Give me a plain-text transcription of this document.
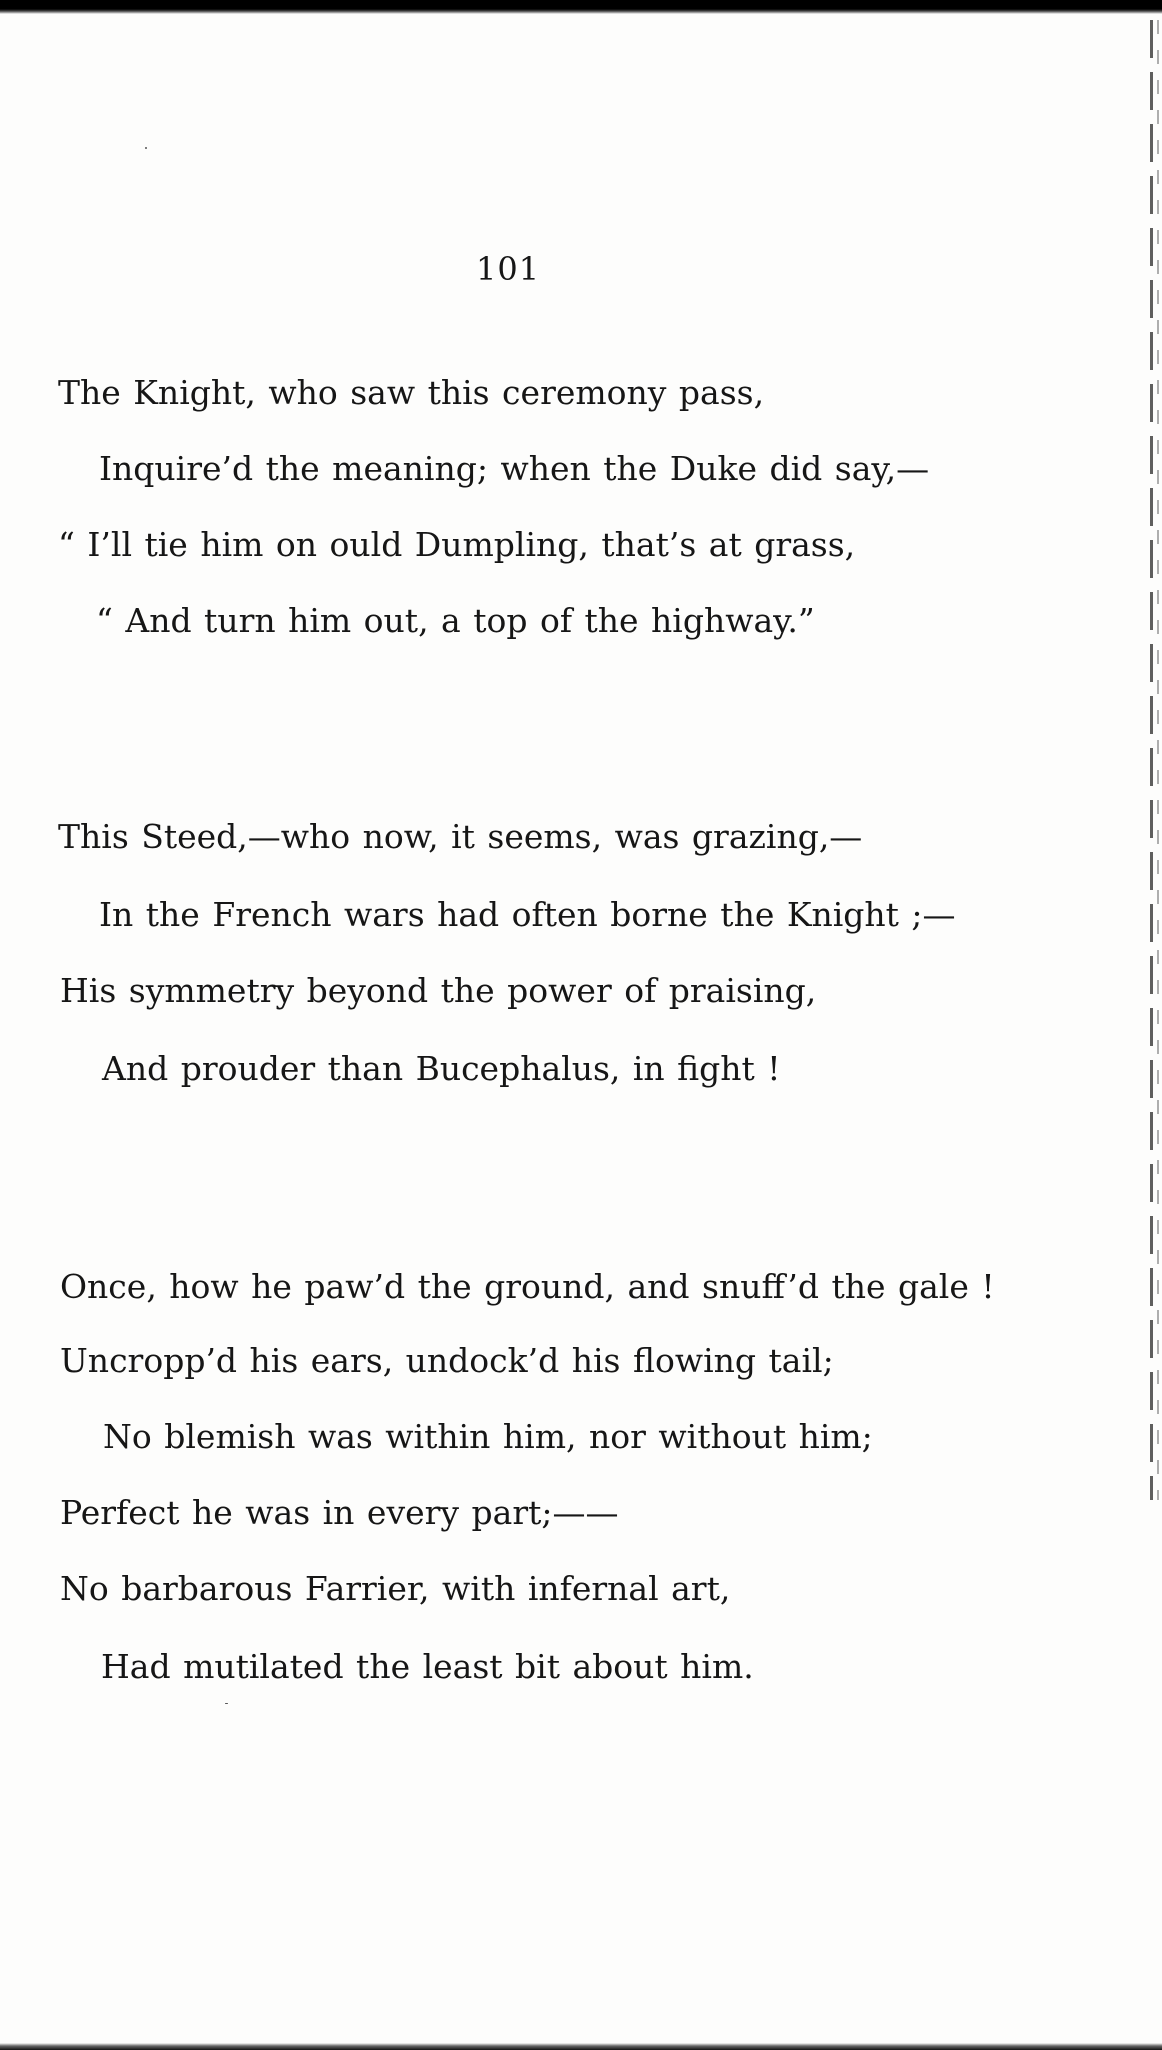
101
The Knight, who saw this ceremony pass,
Inquire’d the meaning; when the Duke did say,—
“ I’ll tie him on ould Dumpling, that’s at grass,
“ And turn him out, a top of the highway.”
This Steed,—who now, it seems, was grazing,—
In the French wars had often borne the Knight ;—
His symmetry beyond the power of praising,
And prouder than Bucephalus, in fight !
Once, how he paw’d the ground, and snuff’d the gale !
Uncropp’d his ears, undock’d his flowing tail;
No blemish was within him, nor without him;
Perfect he was in every part;——
No barbarous Farrier, with infernal art,
Had mutilated the least bit about him.
